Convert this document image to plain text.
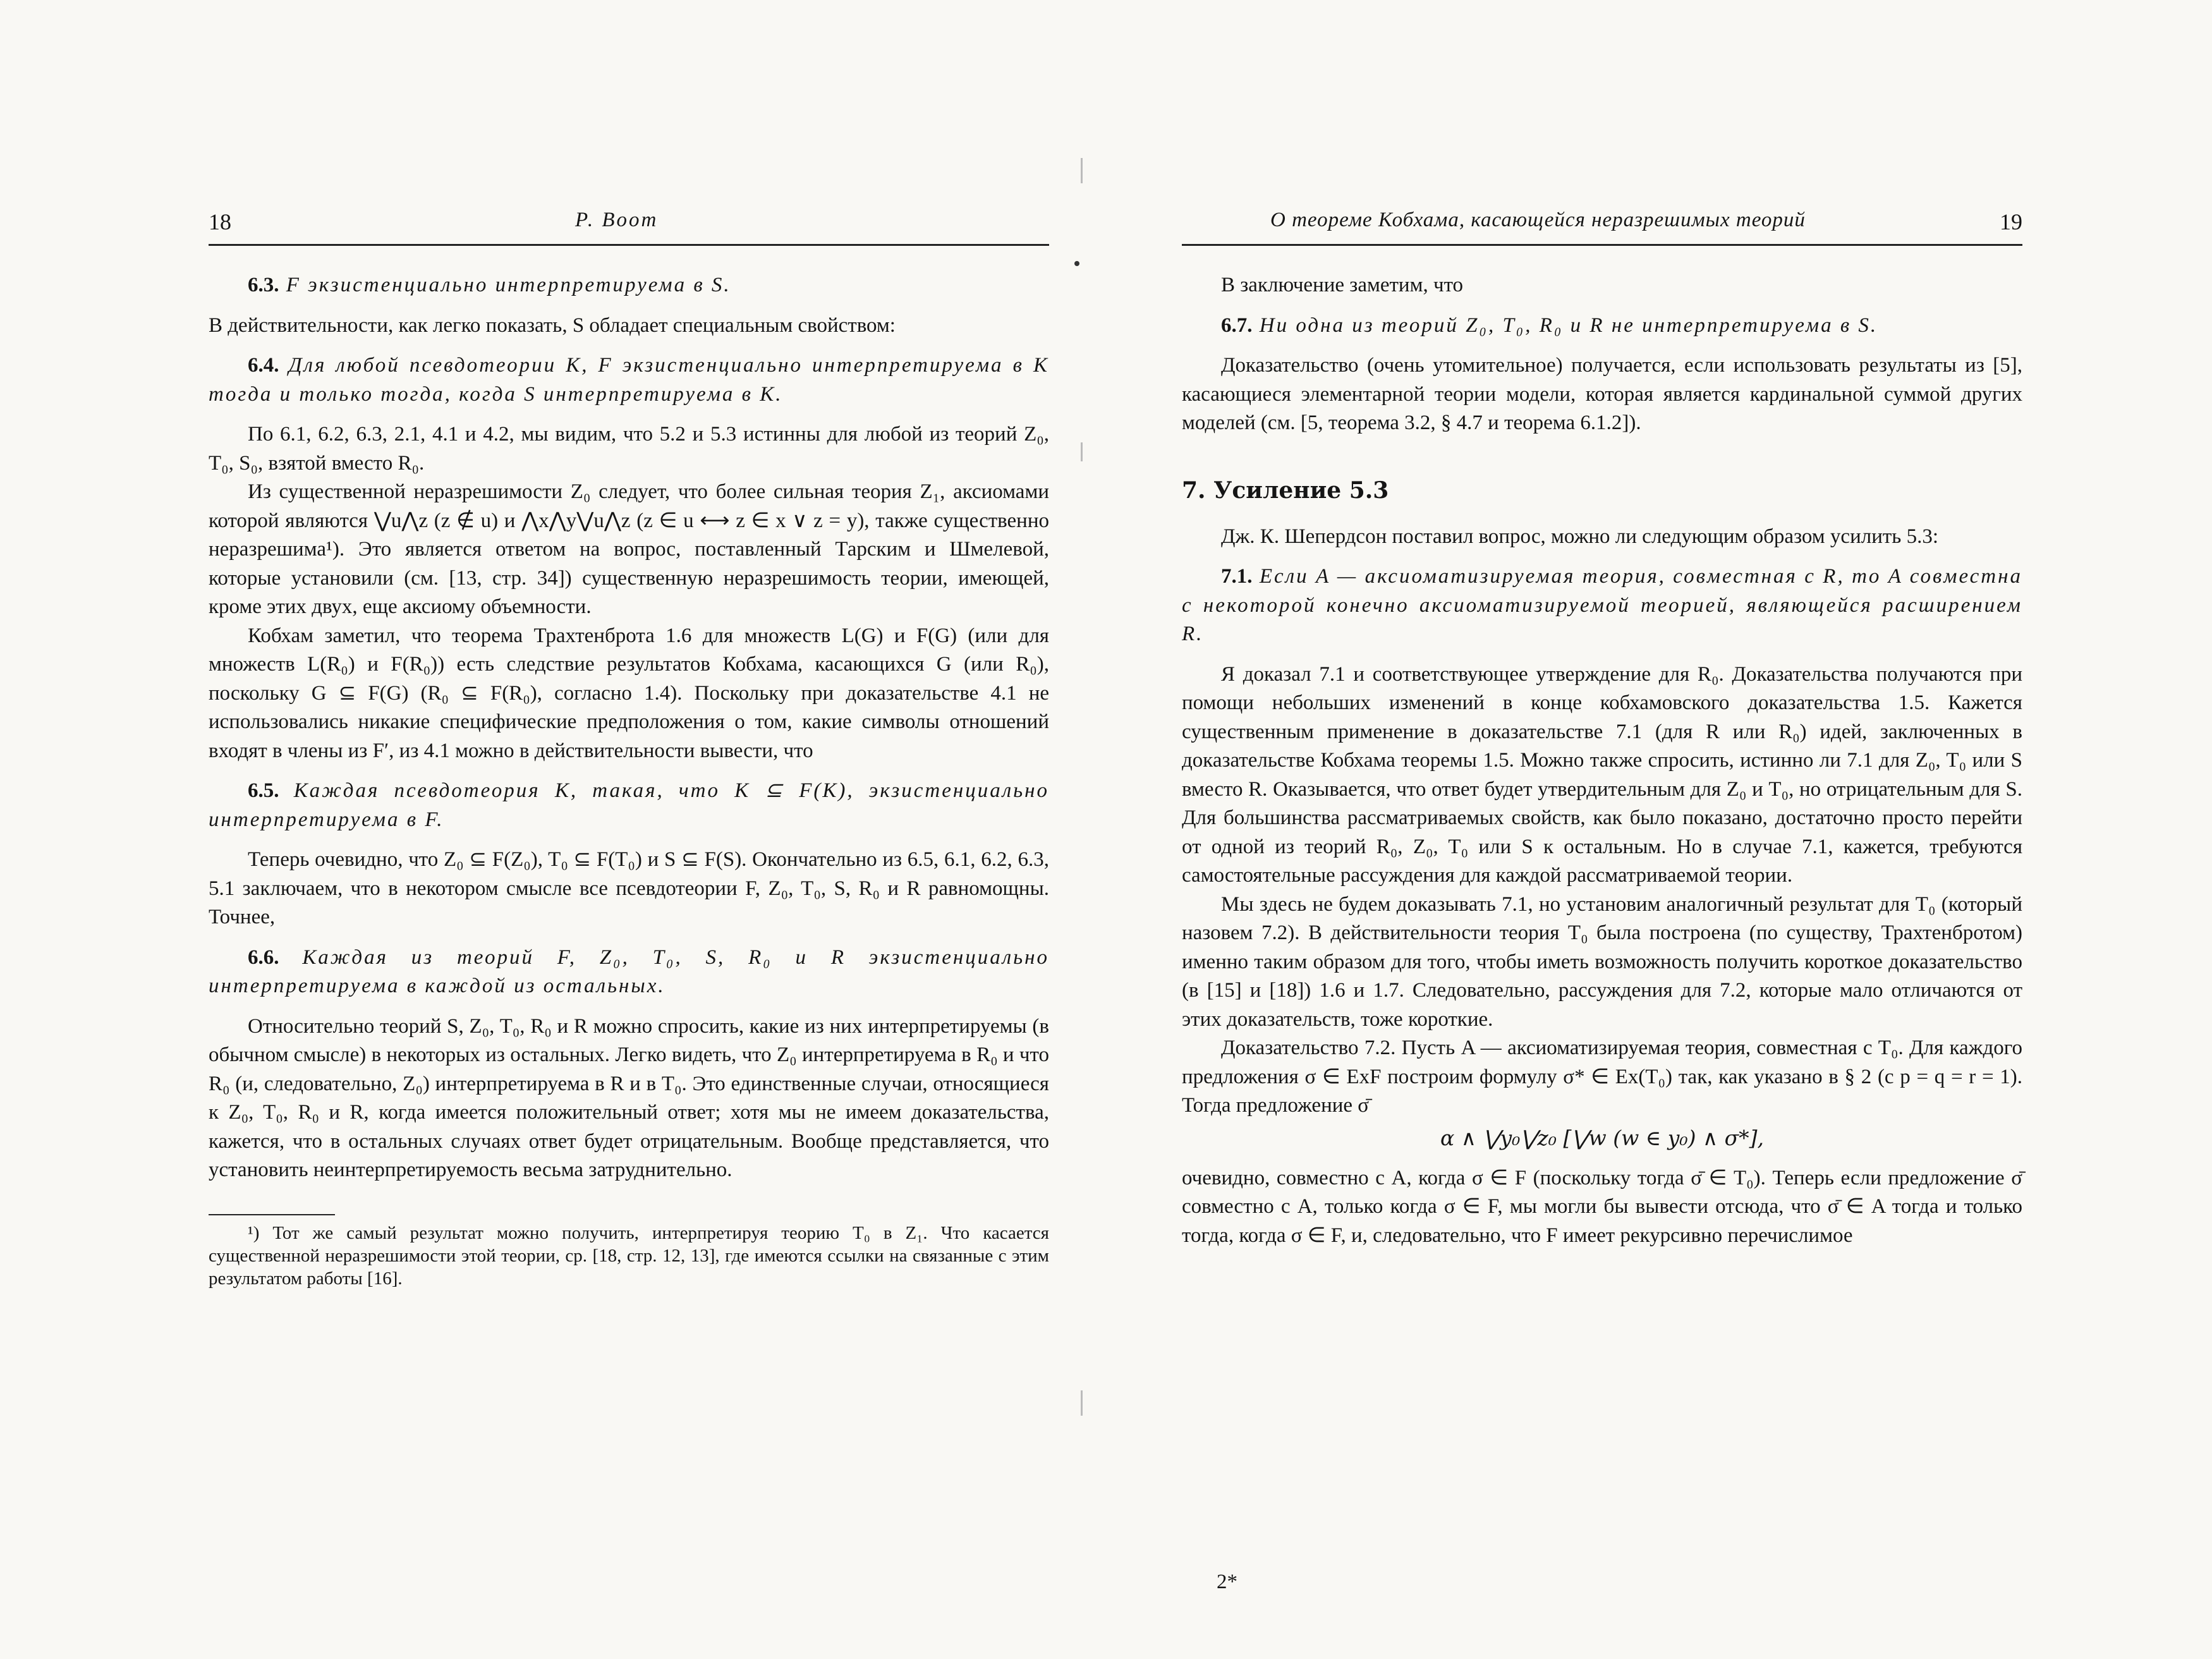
18	Р. Воот

6.3. F экзистенциально интерпретируема в S.

В действительности, как легко показать, S обладает специальным свойством:

6.4. Для любой псевдотеории K, F экзистенциально интерпретируема в K тогда и только тогда, когда S интерпретируема в K.

По 6.1, 6.2, 6.3, 2.1, 4.1 и 4.2, мы видим, что 5.2 и 5.3 истинны для любой из теорий Z₀, T₀, S₀, взятой вместо R₀.

Из существенной неразрешимости Z₀ следует, что более сильная теория Z₁, аксиомами которой являются ⋁u⋀z (z ∉ u) и ⋀x⋀y⋁u⋀z (z ∈ u ⟷ z ∈ x ∨ z = y), также существенно неразрешима¹). Это является ответом на вопрос, поставленный Тарским и Шмелевой, которые установили (см. [13, стр. 34]) существенную неразрешимость теории, имеющей, кроме этих двух, еще аксиому объемности.

Кобхам заметил, что теорема Трахтенброта 1.6 для множеств L(G) и F(G) (или для множеств L(R₀) и F(R₀)) есть следствие результатов Кобхама, касающихся G (или R₀), поскольку G ⊆ F(G) (R₀ ⊆ F(R₀), согласно 1.4). Поскольку при доказательстве 4.1 не использовались никакие специфические предположения о том, какие символы отношений входят в члены из F′, из 4.1 можно в действительности вывести, что

6.5. Каждая псевдотеория K, такая, что K ⊆ F(K), экзистенциально интерпретируема в F.

Теперь очевидно, что Z₀ ⊆ F(Z₀), T₀ ⊆ F(T₀) и S ⊆ F(S). Окончательно из 6.5, 6.1, 6.2, 6.3, 5.1 заключаем, что в некотором смысле все псевдотеории F, Z₀, T₀, S, R₀ и R равномощны. Точнее,

6.6. Каждая из теорий F, Z₀, T₀, S, R₀ и R экзистенциально интерпретируема в каждой из остальных.

Относительно теорий S, Z₀, T₀, R₀ и R можно спросить, какие из них интерпретируемы (в обычном смысле) в некоторых из остальных. Легко видеть, что Z₀ интерпретируема в R₀ и что R₀ (и, следовательно, Z₀) интерпретируема в R и в T₀. Это единственные случаи, относящиеся к Z₀, T₀, R₀ и R, когда имеется положительный ответ; хотя мы не имеем доказательства, кажется, что в остальных случаях ответ будет отрицательным. Вообще представляется, что установить неинтерпретируемость весьма затруднительно.

¹) Тот же самый результат можно получить, интерпретируя теорию T₀ в Z₁. Что касается существенной неразрешимости этой теории, ср. [18, стр. 12, 13], где имеются ссылки на связанные с этим результатом работы [16].

О теореме Кобхама, касающейся неразрешимых теорий	19

В заключение заметим, что

6.7. Ни одна из теорий Z₀, T₀, R₀ и R не интерпретируема в S.

Доказательство (очень утомительное) получается, если использовать результаты из [5], касающиеся элементарной теории модели, которая является кардинальной суммой других моделей (см. [5, теорема 3.2, § 4.7 и теорема 6.1.2]).

7. Усиление 5.3

Дж. К. Шепердсон поставил вопрос, можно ли следующим образом усилить 5.3:

7.1. Если A — аксиоматизируемая теория, совместная с R, то A совместна с некоторой конечно аксиоматизируемой теорией, являющейся расширением R.

Я доказал 7.1 и соответствующее утверждение для R₀. Доказательства получаются при помощи небольших изменений в конце кобхамовского доказательства 1.5. Кажется существенным применение в доказательстве 7.1 (для R или R₀) идей, заключенных в доказательстве Кобхама теоремы 1.5. Можно также спросить, истинно ли 7.1 для Z₀, T₀ или S вместо R. Оказывается, что ответ будет утвердительным для Z₀ и T₀, но отрицательным для S. Для большинства рассматриваемых свойств, как было показано, достаточно просто перейти от одной из теорий R₀, Z₀, T₀ или S к остальным. Но в случае 7.1, кажется, требуются самостоятельные рассуждения для каждой рассматриваемой теории.

Мы здесь не будем доказывать 7.1, но установим аналогичный результат для T₀ (который назовем 7.2). В действительности теория T₀ была построена (по существу, Трахтенбротом) именно таким образом для того, чтобы иметь возможность получить короткое доказательство (в [15] и [18]) 1.6 и 1.7. Следовательно, рассуждения для 7.2, которые мало отличаются от этих доказательств, тоже короткие.

Доказательство 7.2. Пусть A — аксиоматизируемая теория, совместная с T₀. Для каждого предложения σ ∈ ExF построим формулу σ* ∈ Ex(T₀) так, как указано в § 2 (с p = q = r = 1). Тогда предложение σ̄

α ∧ ⋁y₀⋁z₀ [⋁w (w ∈ y₀) ∧ σ*],

очевидно, совместно с A, когда σ ∈ F (поскольку тогда σ̄ ∈ T₀). Теперь если предложение σ̄ совместно с A, только когда σ ∈ F, мы могли бы вывести отсюда, что σ̄ ∈ A тогда и только тогда, когда σ ∈ F, и, следовательно, что F имеет рекурсивно перечислимое

2*
